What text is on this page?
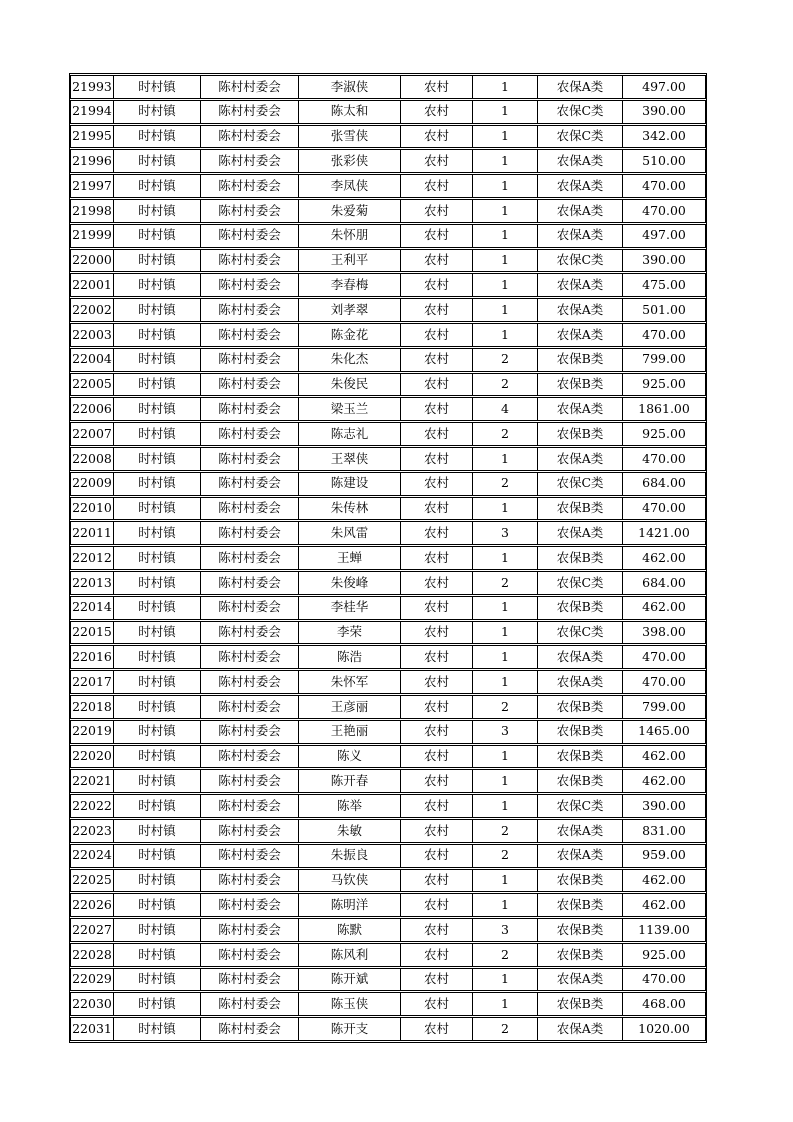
21993	时村镇	陈村村委会	李淑侠	农村	1	农保A类	497.00
21994	时村镇	陈村村委会	陈太和	农村	1	农保C类	390.00
21995	时村镇	陈村村委会	张雪侠	农村	1	农保C类	342.00
21996	时村镇	陈村村委会	张彩侠	农村	1	农保A类	510.00
21997	时村镇	陈村村委会	李凤侠	农村	1	农保A类	470.00
21998	时村镇	陈村村委会	朱爱菊	农村	1	农保A类	470.00
21999	时村镇	陈村村委会	朱怀朋	农村	1	农保A类	497.00
22000	时村镇	陈村村委会	王利平	农村	1	农保C类	390.00
22001	时村镇	陈村村委会	李春梅	农村	1	农保A类	475.00
22002	时村镇	陈村村委会	刘孝翠	农村	1	农保A类	501.00
22003	时村镇	陈村村委会	陈金花	农村	1	农保A类	470.00
22004	时村镇	陈村村委会	朱化杰	农村	2	农保B类	799.00
22005	时村镇	陈村村委会	朱俊民	农村	2	农保B类	925.00
22006	时村镇	陈村村委会	梁玉兰	农村	4	农保A类	1861.00
22007	时村镇	陈村村委会	陈志礼	农村	2	农保B类	925.00
22008	时村镇	陈村村委会	王翠侠	农村	1	农保A类	470.00
22009	时村镇	陈村村委会	陈建设	农村	2	农保C类	684.00
22010	时村镇	陈村村委会	朱传林	农村	1	农保B类	470.00
22011	时村镇	陈村村委会	朱风雷	农村	3	农保A类	1421.00
22012	时村镇	陈村村委会	王蝉	农村	1	农保B类	462.00
22013	时村镇	陈村村委会	朱俊峰	农村	2	农保C类	684.00
22014	时村镇	陈村村委会	李桂华	农村	1	农保B类	462.00
22015	时村镇	陈村村委会	李荣	农村	1	农保C类	398.00
22016	时村镇	陈村村委会	陈浩	农村	1	农保A类	470.00
22017	时村镇	陈村村委会	朱怀军	农村	1	农保A类	470.00
22018	时村镇	陈村村委会	王彦丽	农村	2	农保B类	799.00
22019	时村镇	陈村村委会	王艳丽	农村	3	农保B类	1465.00
22020	时村镇	陈村村委会	陈义	农村	1	农保B类	462.00
22021	时村镇	陈村村委会	陈开春	农村	1	农保B类	462.00
22022	时村镇	陈村村委会	陈举	农村	1	农保C类	390.00
22023	时村镇	陈村村委会	朱敏	农村	2	农保A类	831.00
22024	时村镇	陈村村委会	朱振良	农村	2	农保A类	959.00
22025	时村镇	陈村村委会	马钦侠	农村	1	农保B类	462.00
22026	时村镇	陈村村委会	陈明洋	农村	1	农保B类	462.00
22027	时村镇	陈村村委会	陈默	农村	3	农保B类	1139.00
22028	时村镇	陈村村委会	陈风利	农村	2	农保B类	925.00
22029	时村镇	陈村村委会	陈开斌	农村	1	农保A类	470.00
22030	时村镇	陈村村委会	陈玉侠	农村	1	农保B类	468.00
22031	时村镇	陈村村委会	陈开支	农村	2	农保A类	1020.00
